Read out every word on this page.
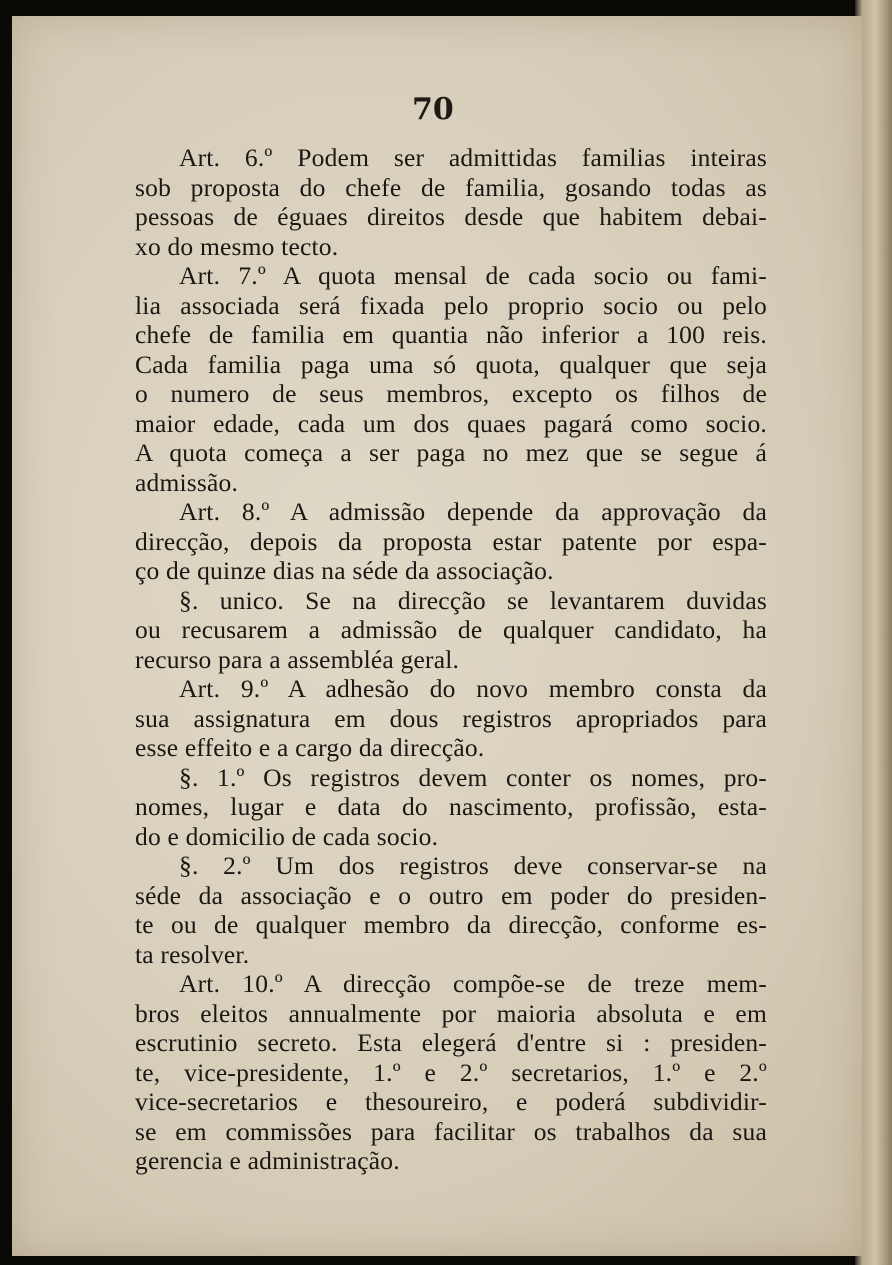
70
Art. 6.º Podem ser admittidas familias inteiras
sob proposta do chefe de familia, gosando todas as
pessoas de éguaes direitos desde que habitem debai-
xo do mesmo tecto.
Art. 7.º A quota mensal de cada socio ou fami-
lia associada será fixada pelo proprio socio ou pelo
chefe de familia em quantia não inferior a 100 reis.
Cada familia paga uma só quota, qualquer que seja
o numero de seus membros, excepto os filhos de
maior edade, cada um dos quaes pagará como socio.
A quota começa a ser paga no mez que se segue á
admissão.
Art. 8.º A admissão depende da approvação da
direcção, depois da proposta estar patente por espa-
ço de quinze dias na séde da associação.
§. unico. Se na direcção se levantarem duvidas
ou recusarem a admissão de qualquer candidato, ha
recurso para a assembléa geral.
Art. 9.º A adhesão do novo membro consta da
sua assignatura em dous registros apropriados para
esse effeito e a cargo da direcção.
§. 1.º Os registros devem conter os nomes, pro-
nomes, lugar e data do nascimento, profissão, esta-
do e domicilio de cada socio.
§. 2.º Um dos registros deve conservar-se na
séde da associação e o outro em poder do presiden-
te ou de qualquer membro da direcção, conforme es-
ta resolver.
Art. 10.º A direcção compõe-se de treze mem-
bros eleitos annualmente por maioria absoluta e em
escrutinio secreto. Esta elegerá d'entre si : presiden-
te, vice-presidente, 1.º e 2.º secretarios, 1.º e 2.º
vice-secretarios e thesoureiro, e poderá subdividir-
se em commissões para facilitar os trabalhos da sua
gerencia e administração.
